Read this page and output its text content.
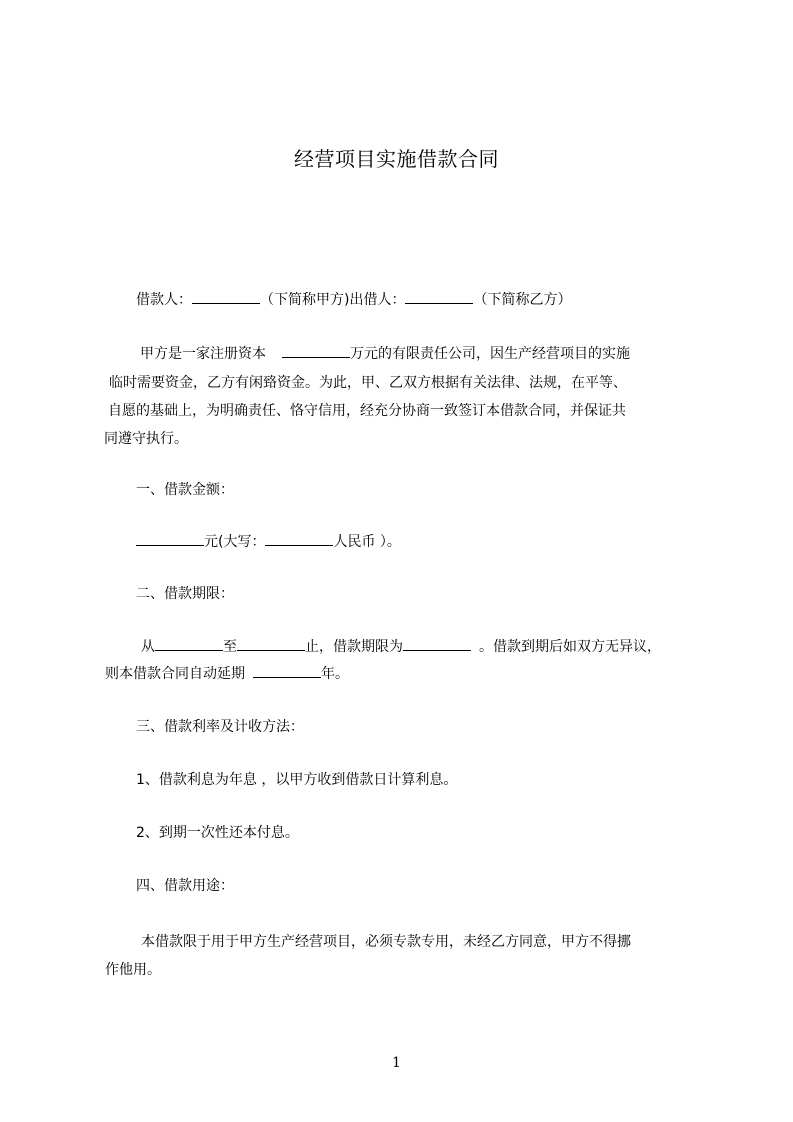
经营项目实施借款合同
借款人：	（下简称甲方)出借人：	（下简称乙方）
甲方是一家注册资本	万元的有限责任公司，因生产经营项目的实施
临时需要资金，乙方有闲臵资金。为此，甲、乙双方根据有关法律、法规，在平等、
自愿的基础上，为明确责任、恪守信用，经充分协商一致签订本借款合同，并保证共
同遵守执行。
一、借款金额：
元(大写：	人民币 ）。
二、借款期限：
从	至	止，借款期限为	。借款到期后如双方无异议，
则本借款合同自动延期	年。
三、借款利率及计收方法：
1、借款利息为年息 ，以甲方收到借款日计算利息。
2、到期一次性还本付息。
四、借款用途：
本借款限于用于甲方生产经营项目，必须专款专用，未经乙方同意，甲方不得挪
作他用。
1
